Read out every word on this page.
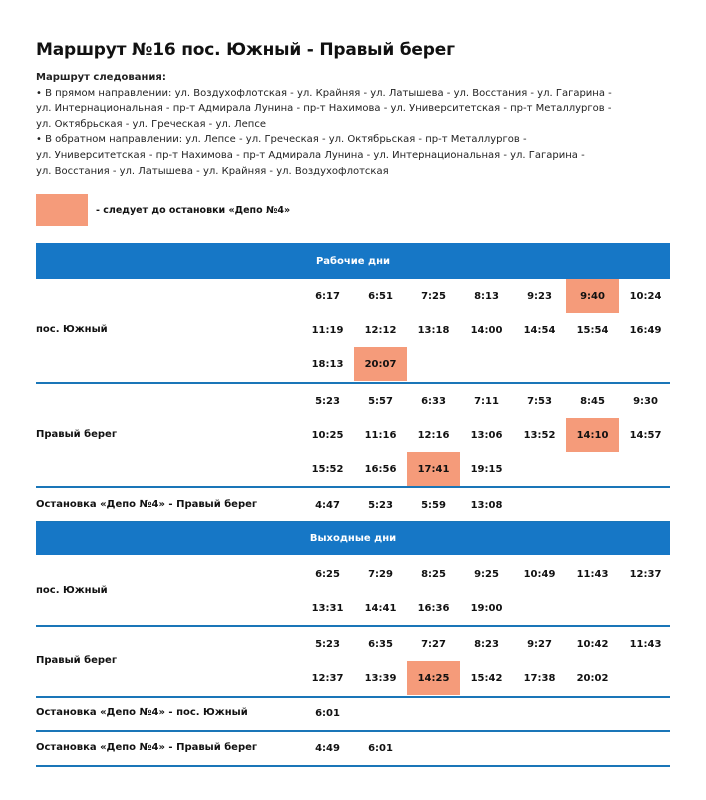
Маршрут №16 пос. Южный - Правый берег
Маршрут следования:
• В прямом направлении: ул. Воздухофлотская - ул. Крайняя - ул. Латышева - ул. Восстания - ул. Гагарина -
ул. Интернациональная - пр-т Адмирала Лунина - пр-т Нахимова - ул. Университетская - пр-т Металлургов -
ул. Октябрьская - ул. Греческая - ул. Лепсе
• В обратном направлении: ул. Лепсе - ул. Греческая - ул. Октябрьская - пр-т Металлургов -
ул. Университетская - пр-т Нахимова - пр-т Адмирала Лунина - ул. Интернациональная - ул. Гагарина -
ул. Восстания - ул. Латышева - ул. Крайняя - ул. Воздухофлотская
- следует до остановки «Депо №4»
Рабочие дни
пос. Южный
6:17	6:51	7:25	8:13	9:23	9:40	10:24
11:19	12:12	13:18	14:00	14:54	15:54	16:49
18:13	20:07
Правый берег
5:23	5:57	6:33	7:11	7:53	8:45	9:30
10:25	11:16	12:16	13:06	13:52	14:10	14:57
15:52	16:56	17:41	19:15
Остановка «Депо №4» - Правый берег	4:47	5:23	5:59	13:08
Выходные дни
пос. Южный
6:25	7:29	8:25	9:25	10:49	11:43	12:37
13:31	14:41	16:36	19:00
Правый берег
5:23	6:35	7:27	8:23	9:27	10:42	11:43
12:37	13:39	14:25	15:42	17:38	20:02
Остановка «Депо №4» - пос. Южный	6:01
Остановка «Депо №4» - Правый берег	4:49	6:01
